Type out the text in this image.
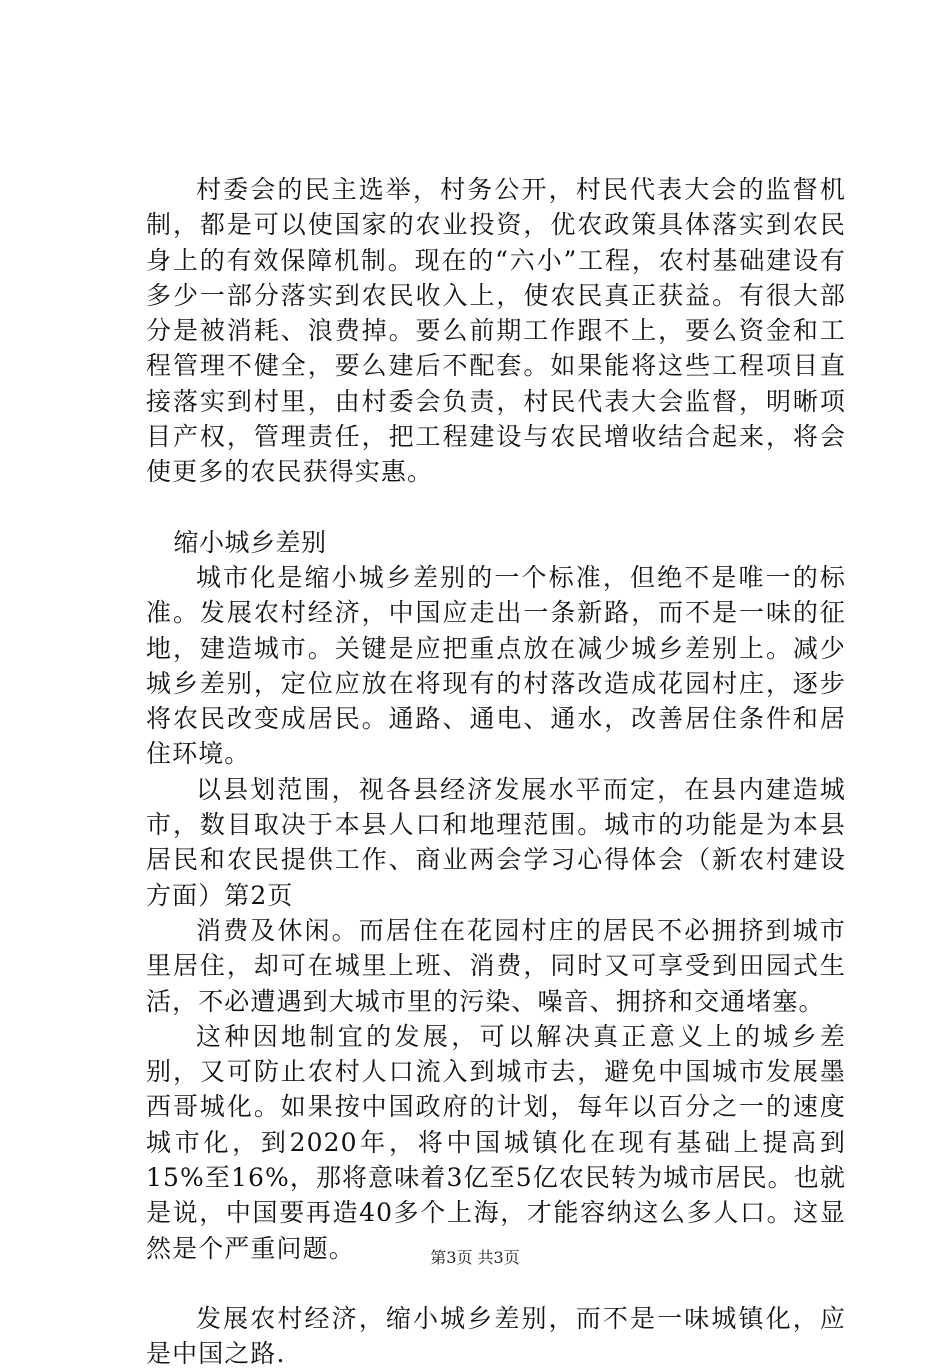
村委会的民主选举，村务公开，村民代表大会的监督机制，都是可以使国家的农业投资，优农政策具体落实到农民身上的有效保障机制。现在的“六小”工程，农村基础建设有多少一部分落实到农民收入上，使农民真正获益。有很大部分是被消耗、浪费掉。要么前期工作跟不上，要么资金和工程管理不健全，要么建后不配套。如果能将这些工程项目直接落实到村里，由村委会负责，村民代表大会监督，明晰项目产权，管理责任，把工程建设与农民增收结合起来，将会使更多的农民获得实惠。

缩小城乡差别

城市化是缩小城乡差别的一个标准，但绝不是唯一的标准。发展农村经济，中国应走出一条新路，而不是一味的征地，建造城市。关键是应把重点放在减少城乡差别上。减少城乡差别，定位应放在将现有的村落改造成花园村庄，逐步将农民改变成居民。通路、通电、通水，改善居住条件和居住环境。

以县划范围，视各县经济发展水平而定，在县内建造城市，数目取决于本县人口和地理范围。城市的功能是为本县居民和农民提供工作、商业两会学习心得体会（新农村建设方面）第2页

消费及休闲。而居住在花园村庄的居民不必拥挤到城市里居住，却可在城里上班、消费，同时又可享受到田园式生活，不必遭遇到大城市里的污染、噪音、拥挤和交通堵塞。

这种因地制宜的发展，可以解决真正意义上的城乡差别，又可防止农村人口流入到城市去，避免中国城市发展墨西哥城化。如果按中国政府的计划，每年以百分之一的速度城市化，到2020年，将中国城镇化在现有基础上提高到15%至16%，那将意味着3亿至5亿农民转为城市居民。也就是说，中国要再造40多个上海，才能容纳这么多人口。这显然是个严重问题。

发展农村经济，缩小城乡差别，而不是一味城镇化，应是中国之路.

第3页 共3页
